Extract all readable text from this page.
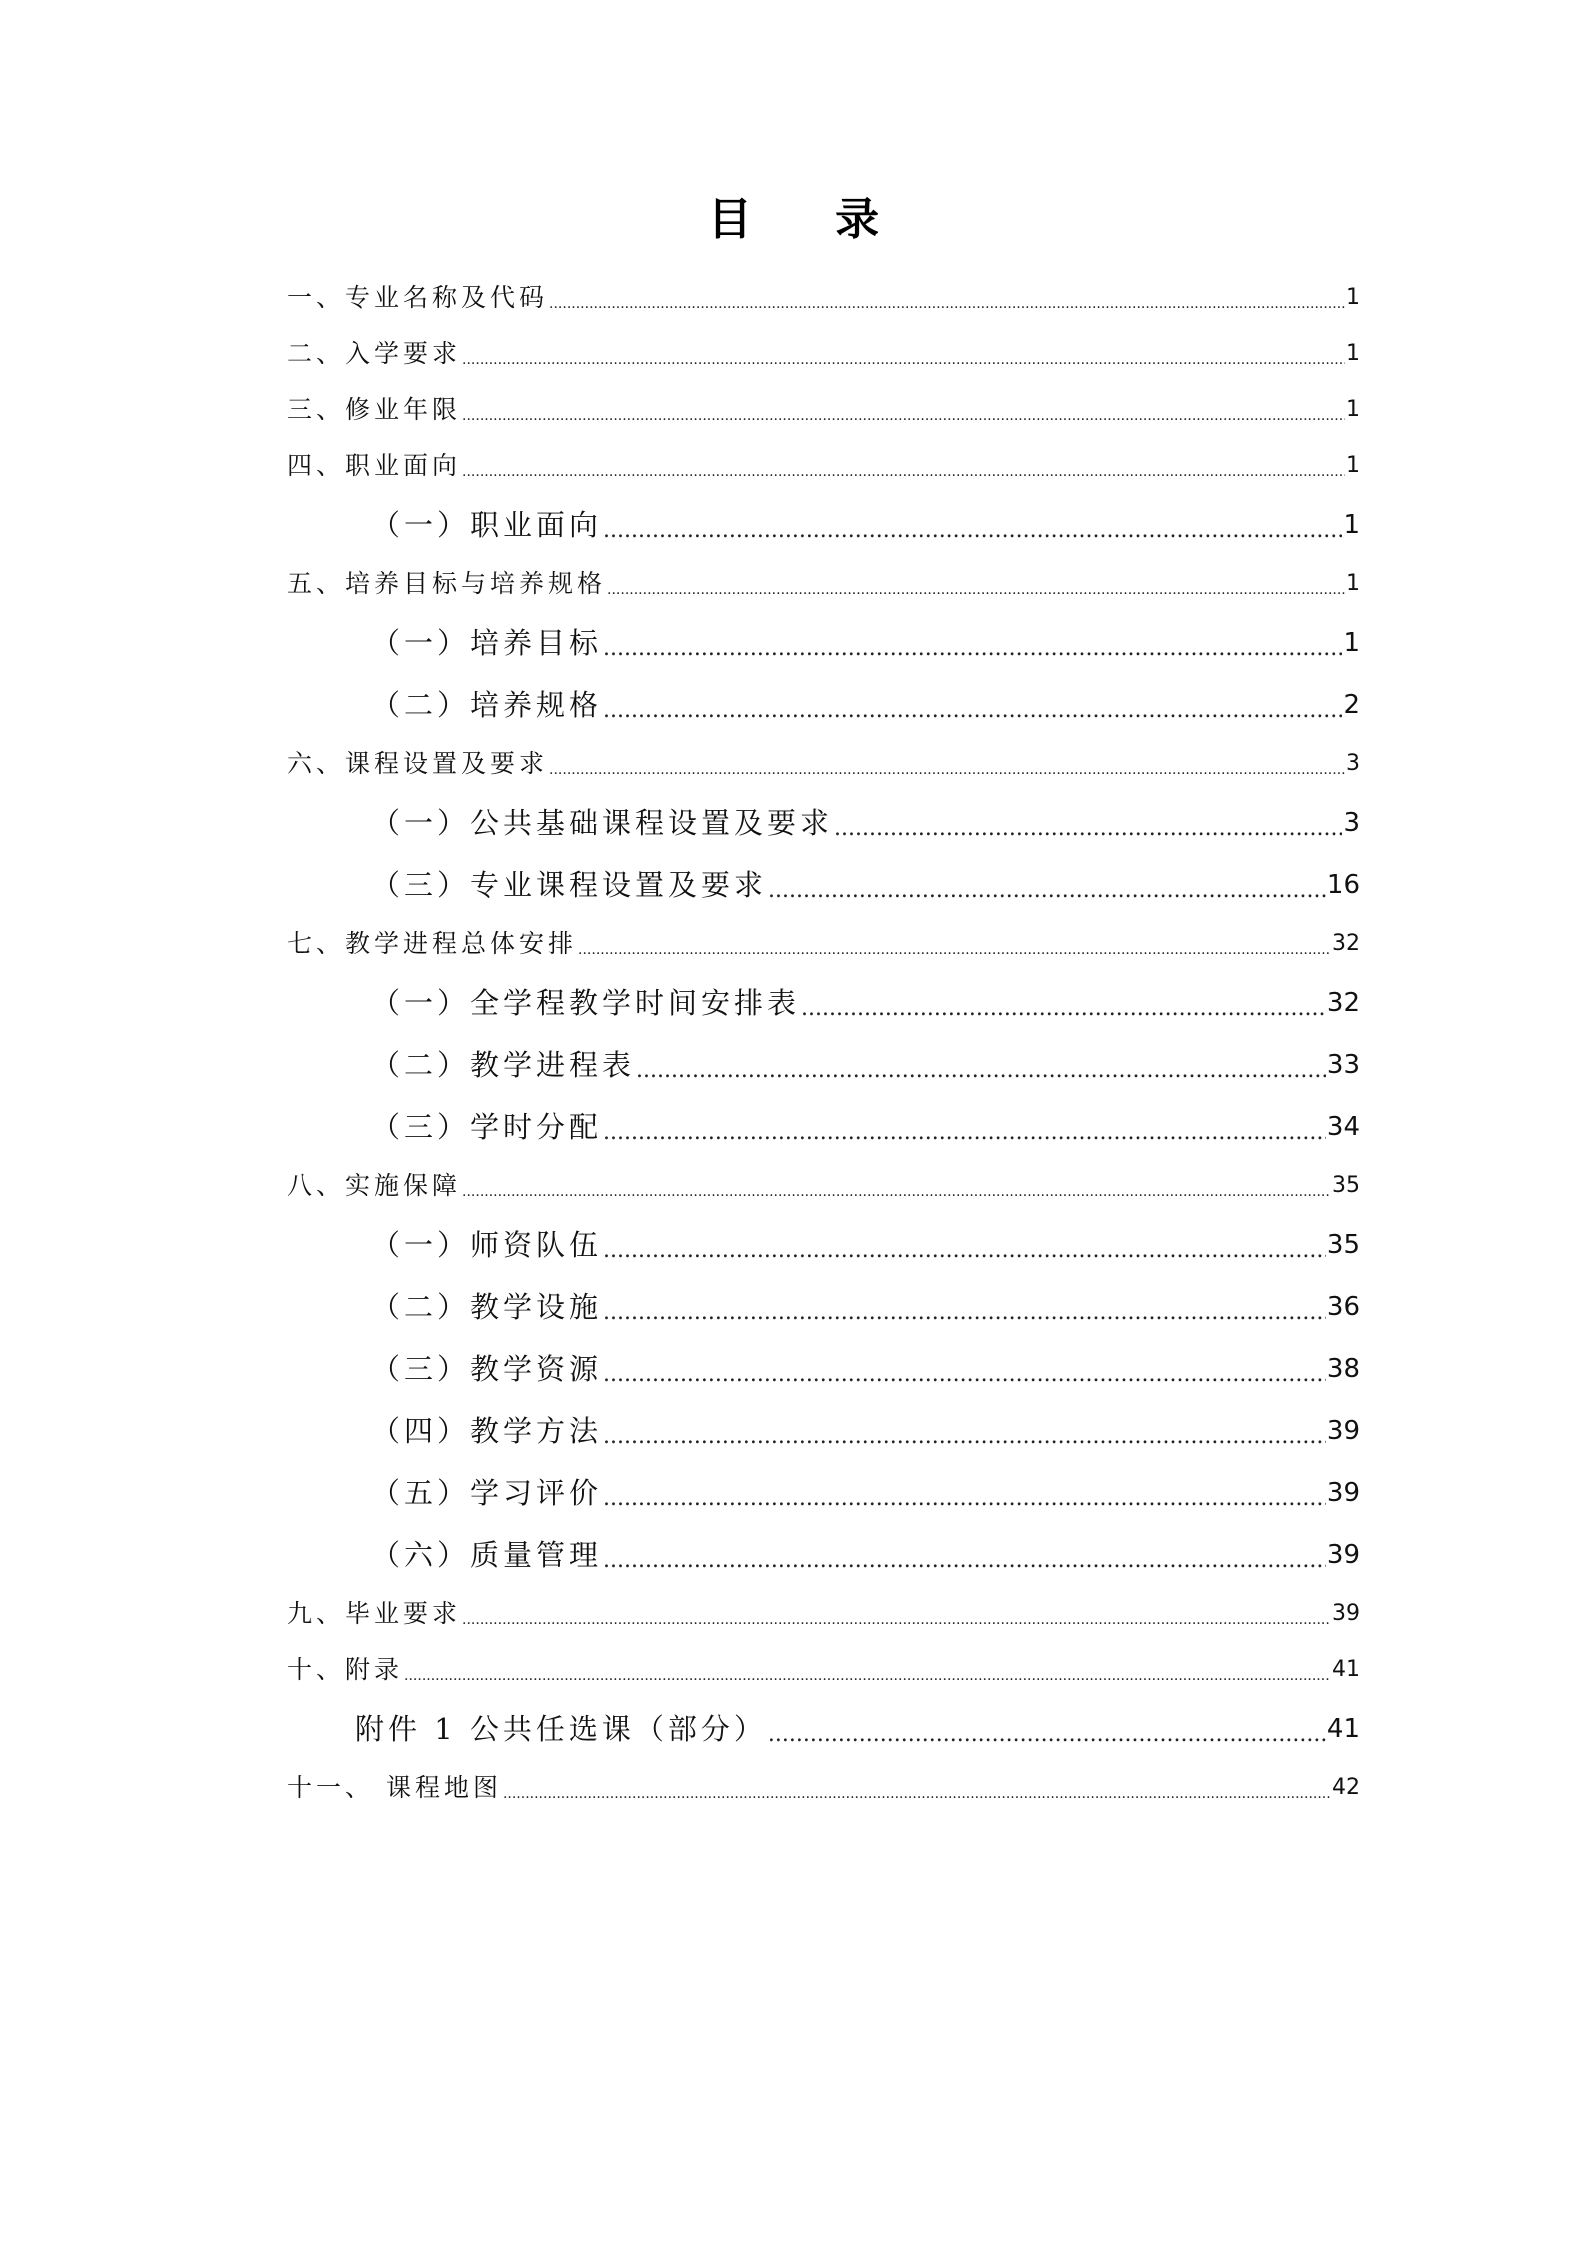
目 录
一、专业名称及代码 .....	1
二、入学要求 .....	1
三、修业年限 .....	1
四、职业面向 .....	1
（一）职业面向 .....	1
五、培养目标与培养规格 .....	1
（一）培养目标 .....	1
（二）培养规格 .....	2
六、课程设置及要求 .....	3
（一）公共基础课程设置及要求 .....	3
（三）专业课程设置及要求 .....	16
七、教学进程总体安排 .....	32
（一）全学程教学时间安排表 .....	32
（二）教学进程表 .....	33
（三）学时分配 .....	34
八、实施保障 .....	35
（一）师资队伍 .....	35
（二）教学设施 .....	36
（三）教学资源 .....	38
（四）教学方法 .....	39
（五）学习评价 .....	39
（六）质量管理 .....	39
九、毕业要求 .....	39
十、附录 .....	41
附件 1 公共任选课（部分） .....	41
十一、 课程地图 .....	42
